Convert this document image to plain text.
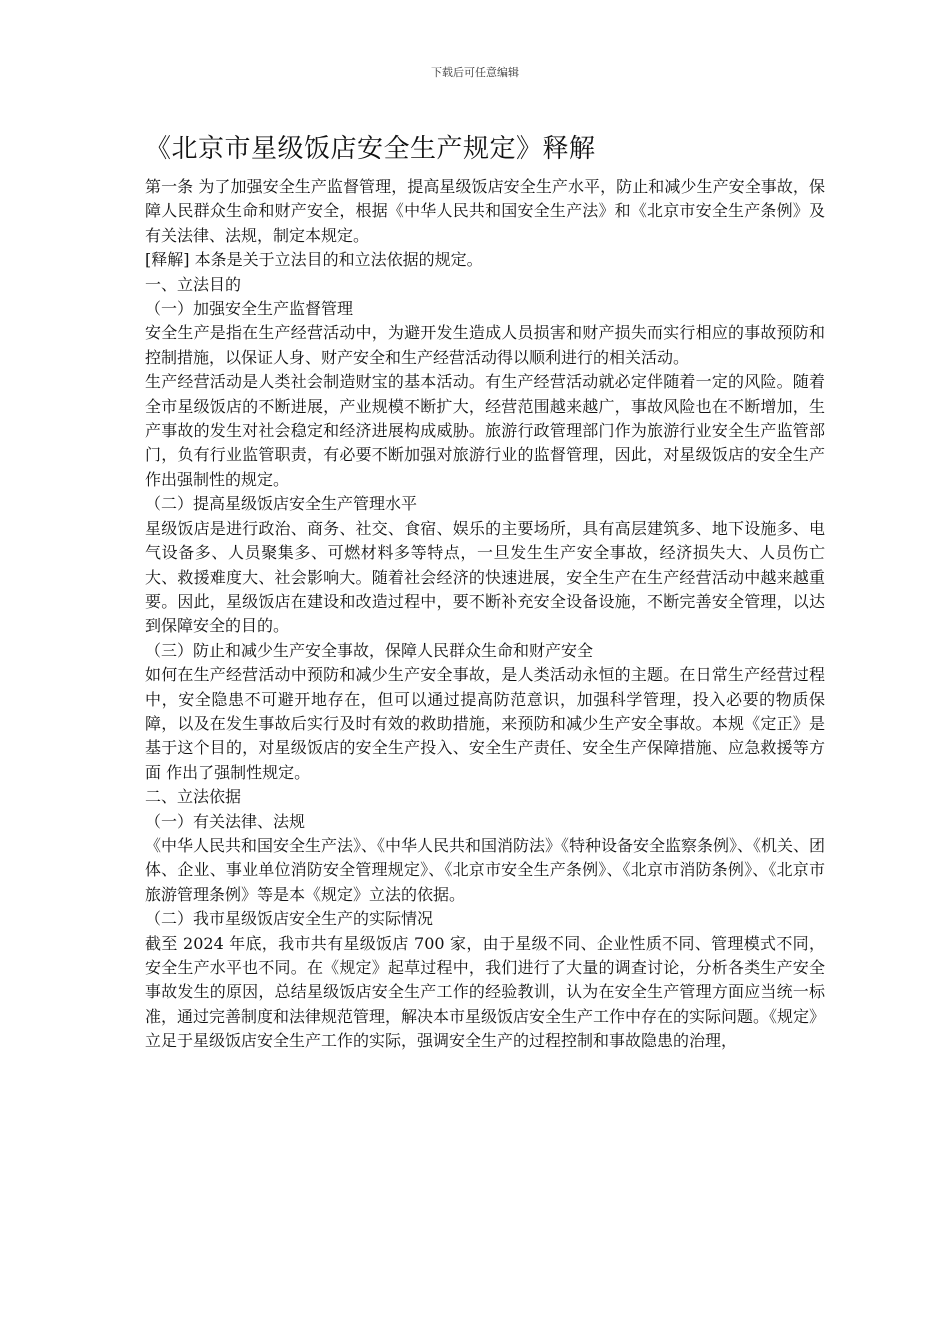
下载后可任意编辑
《北京市星级饭店安全生产规定》释解

第一条 为了加强安全生产监督管理，提高星级饭店安全生产水平，防止和减少生产安全事故，保障人民群众生命和财产安全，根据《中华人民共和国安全生产法》和《北京市安全生产条例》及有关法律、法规，制定本规定。

[释解] 本条是关于立法目的和立法依据的规定。

一、立法目的

（一）加强安全生产监督管理

安全生产是指在生产经营活动中，为避开发生造成人员损害和财产损失而实行相应的事故预防和控制措施，以保证人身、财产安全和生产经营活动得以顺利进行的相关活动。

生产经营活动是人类社会制造财宝的基本活动。有生产经营活动就必定伴随着一定的风险。随着全市星级饭店的不断进展，产业规模不断扩大，经营范围越来越广，事故风险也在不断增加，生产事故的发生对社会稳定和经济进展构成威胁。旅游行政管理部门作为旅游行业安全生产监管部门，负有行业监管职责，有必要不断加强对旅游行业的监督管理，因此，对星级饭店的安全生产作出强制性的规定。

（二）提高星级饭店安全生产管理水平

星级饭店是进行政治、商务、社交、食宿、娱乐的主要场所，具有高层建筑多、地下设施多、电气设备多、人员聚集多、可燃材料多等特点，一旦发生生产安全事故，经济损失大、人员伤亡大、救援难度大、社会影响大。随着社会经济的快速进展，安全生产在生产经营活动中越来越重要。因此，星级饭店在建设和改造过程中，要不断补充安全设备设施，不断完善安全管理，以达到保障安全的目的。

（三）防止和减少生产安全事故，保障人民群众生命和财产安全

如何在生产经营活动中预防和减少生产安全事故，是人类活动永恒的主题。在日常生产经营过程中，安全隐患不可避开地存在，但可以通过提高防范意识，加强科学管理，投入必要的物质保障，以及在发生事故后实行及时有效的救助措施，来预防和减少生产安全事故。本规《定正》是基于这个目的，对星级饭店的安全生产投入、安全生产责任、安全生产保障措施、应急救援等方面 作出了强制性规定。

二、立法依据

（一）有关法律、法规

《中华人民共和国安全生产法》、《中华人民共和国消防法》《特种设备安全监察条例》、《机关、团体、企业、事业单位消防安全管理规定》、《北京市安全生产条例》、《北京市消防条例》、《北京市旅游管理条例》等是本《规定》立法的依据。

（二）我市星级饭店安全生产的实际情况

截至 2024 年底，我市共有星级饭店 700 家，由于星级不同、企业性质不同、管理模式不同，安全生产水平也不同。在《规定》起草过程中，我们进行了大量的调查讨论，分析各类生产安全事故发生的原因，总结星级饭店安全生产工作的经验教训，认为在安全生产管理方面应当统一标准，通过完善制度和法律规范管理，解决本市星级饭店安全生产工作中存在的实际问题。《规定》立足于星级饭店安全生产工作的实际，强调安全生产的过程控制和事故隐患的治理，
